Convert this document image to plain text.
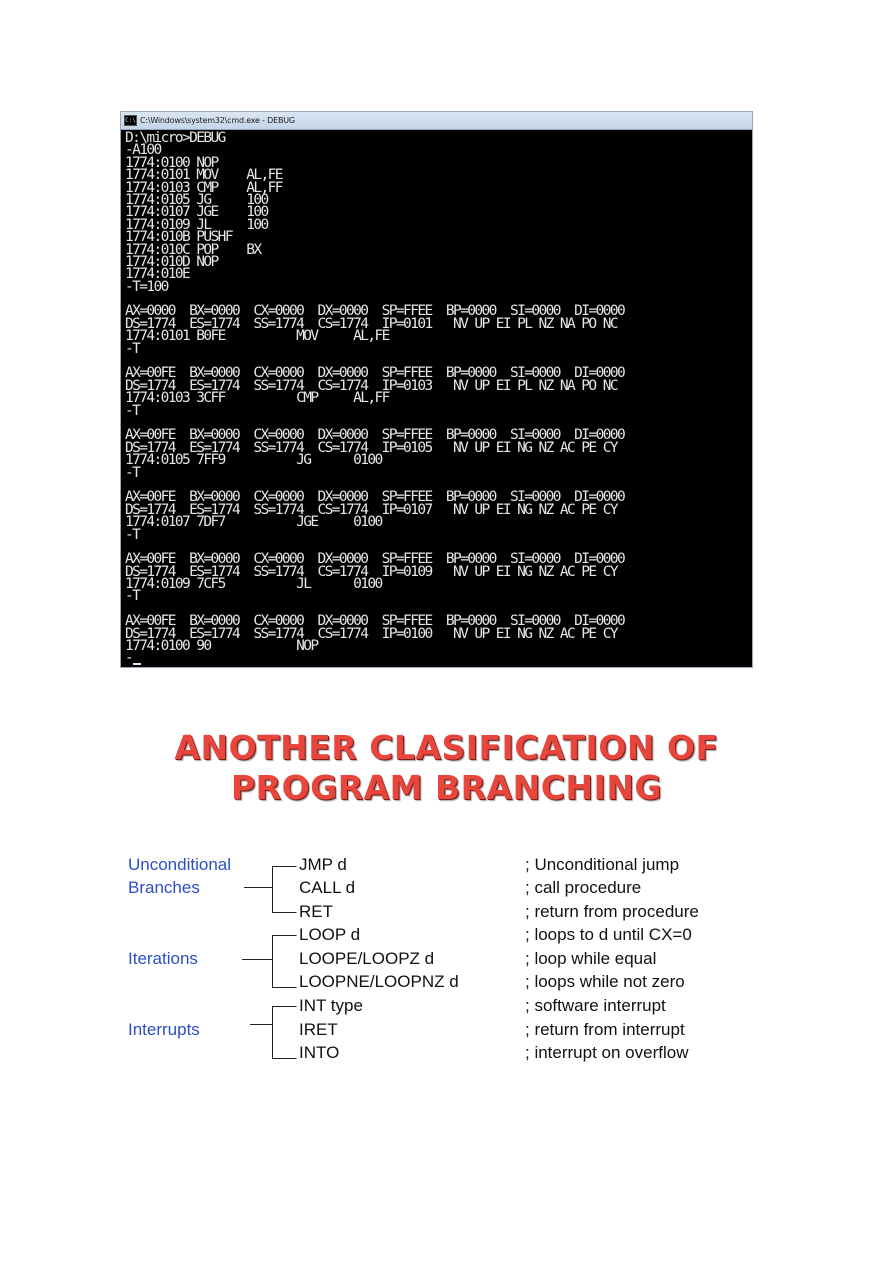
C:\ C:\Windows\system32\cmd.exe - DEBUG
D:\micro>DEBUG
-A100
1774:0100 NOP
1774:0101 MOV    AL,FE
1774:0103 CMP    AL,FF
1774:0105 JG     100
1774:0107 JGE    100
1774:0109 JL     100
1774:010B PUSHF
1774:010C POP    BX
1774:010D NOP
1774:010E
-T=100
AX=0000  BX=0000  CX=0000  DX=0000  SP=FFEE  BP=0000  SI=0000  DI=0000
DS=1774  ES=1774  SS=1774  CS=1774  IP=0101   NV UP EI PL NZ NA PO NC
1774:0101 B0FE          MOV     AL,FE
-T
AX=00FE  BX=0000  CX=0000  DX=0000  SP=FFEE  BP=0000  SI=0000  DI=0000
DS=1774  ES=1774  SS=1774  CS=1774  IP=0103   NV UP EI PL NZ NA PO NC
1774:0103 3CFF          CMP     AL,FF
-T
AX=00FE  BX=0000  CX=0000  DX=0000  SP=FFEE  BP=0000  SI=0000  DI=0000
DS=1774  ES=1774  SS=1774  CS=1774  IP=0105   NV UP EI NG NZ AC PE CY
1774:0105 7FF9          JG      0100
-T
AX=00FE  BX=0000  CX=0000  DX=0000  SP=FFEE  BP=0000  SI=0000  DI=0000
DS=1774  ES=1774  SS=1774  CS=1774  IP=0107   NV UP EI NG NZ AC PE CY
1774:0107 7DF7          JGE     0100
-T
AX=00FE  BX=0000  CX=0000  DX=0000  SP=FFEE  BP=0000  SI=0000  DI=0000
DS=1774  ES=1774  SS=1774  CS=1774  IP=0109   NV UP EI NG NZ AC PE CY
1774:0109 7CF5          JL      0100
-T
AX=00FE  BX=0000  CX=0000  DX=0000  SP=FFEE  BP=0000  SI=0000  DI=0000
DS=1774  ES=1774  SS=1774  CS=1774  IP=0100   NV UP EI NG NZ AC PE CY
1774:0100 90            NOP
-
ANOTHER CLASIFICATION OF
PROGRAM BRANCHING
Unconditional
Branches
Iterations
Interrupts
JMP d
CALL d
RET
LOOP d
LOOPE/LOOPZ d
LOOPNE/LOOPNZ d
INT type
IRET
INTO
; Unconditional jump
; call procedure
; return from procedure
; loops to d until CX=0
; loop while equal
; loops while not zero
; software interrupt
; return from interrupt
; interrupt on overflow
